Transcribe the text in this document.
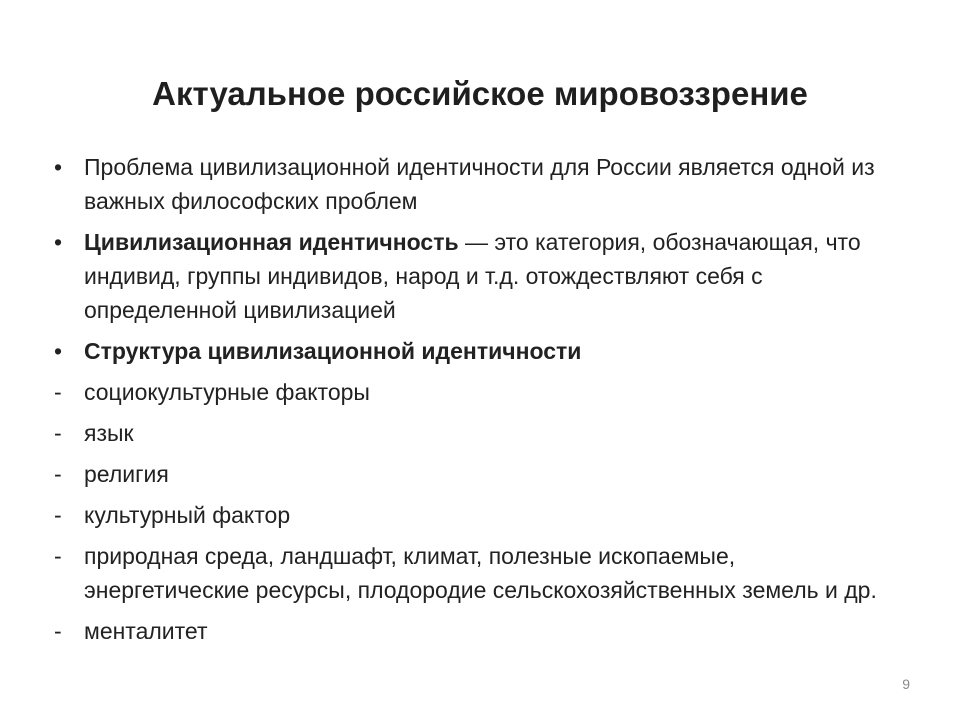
Актуальное российское мировоззрение
• Проблема цивилизационной идентичности для России является одной из важных философских проблем
• Цивилизационная идентичность — это категория, обозначающая, что индивид, группы индивидов, народ и т.д. отождествляют себя с определенной цивилизацией
• Структура цивилизационной идентичности
- социокультурные факторы
- язык
- религия
- культурный фактор
- природная среда, ландшафт, климат, полезные ископаемые, энергетические ресурсы, плодородие сельскохозяйственных земель и др.
- менталитет
9
